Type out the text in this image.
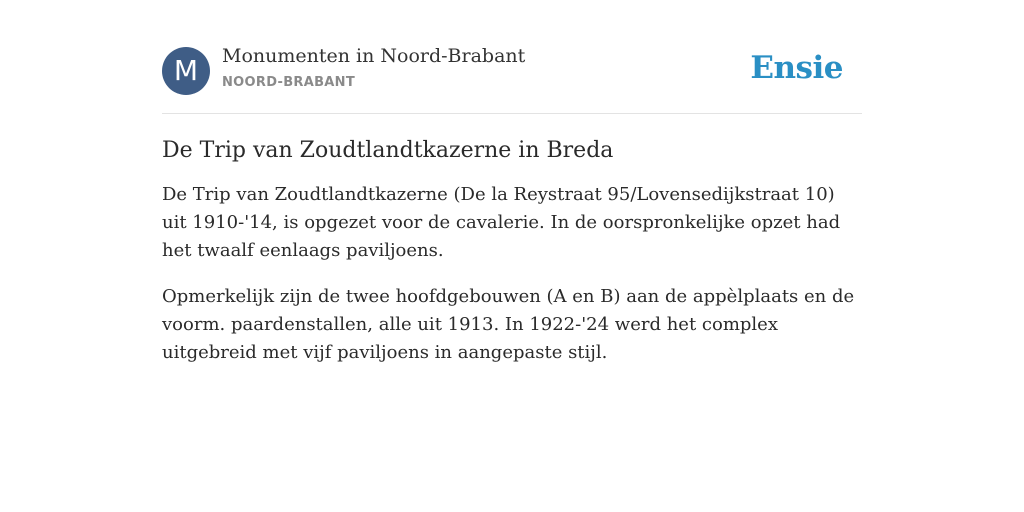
M	Monumenten in Noord-Brabant
NOORD-BRABANT	Ensie
De Trip van Zoudtlandtkazerne in Breda

De Trip van Zoudtlandtkazerne (De la Reystraat 95/Lovensedijkstraat 10) uit 1910-'14, is opgezet voor de cavalerie. In de oorspronkelijke opzet had het twaalf eenlaags paviljoens.

Opmerkelijk zijn de twee hoofdgebouwen (A en B) aan de appèlplaats en de voorm. paardenstallen, alle uit 1913. In 1922-'24 werd het complex uitgebreid met vijf paviljoens in aangepaste stijl.
